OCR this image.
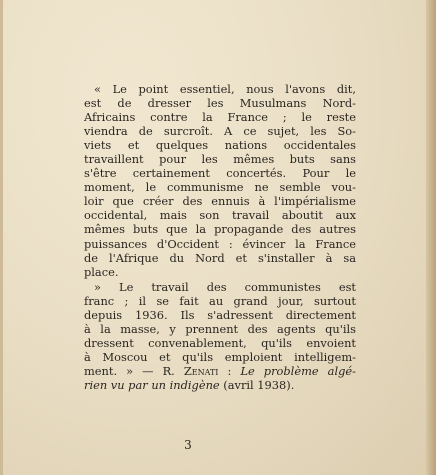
« Le point essentiel, nous l'avons dit,
est de dresser les Musulmans Nord-
Africains contre la France ; le reste
viendra de surcroît. A ce sujet, les So-
viets et quelques nations occidentales
travaillent pour les mêmes buts sans
s'être certainement concertés. Pour le
moment, le communisme ne semble vou-
loir que créer des ennuis à l'impérialisme
occidental, mais son travail aboutit aux
mêmes buts que la propagande des autres
puissances d'Occident : évincer la France
de l'Afrique du Nord et s'installer à sa
place.

» Le travail des communistes est
franc ; il se fait au grand jour, surtout
depuis 1936. Ils s'adressent directement
à la masse, y prennent des agents qu'ils
dressent convenablement, qu'ils envoient
à Moscou et qu'ils emploient intelligem-
ment. » — R. Zenati : Le problème algé-
rien vu par un indigène (avril 1938).

3
